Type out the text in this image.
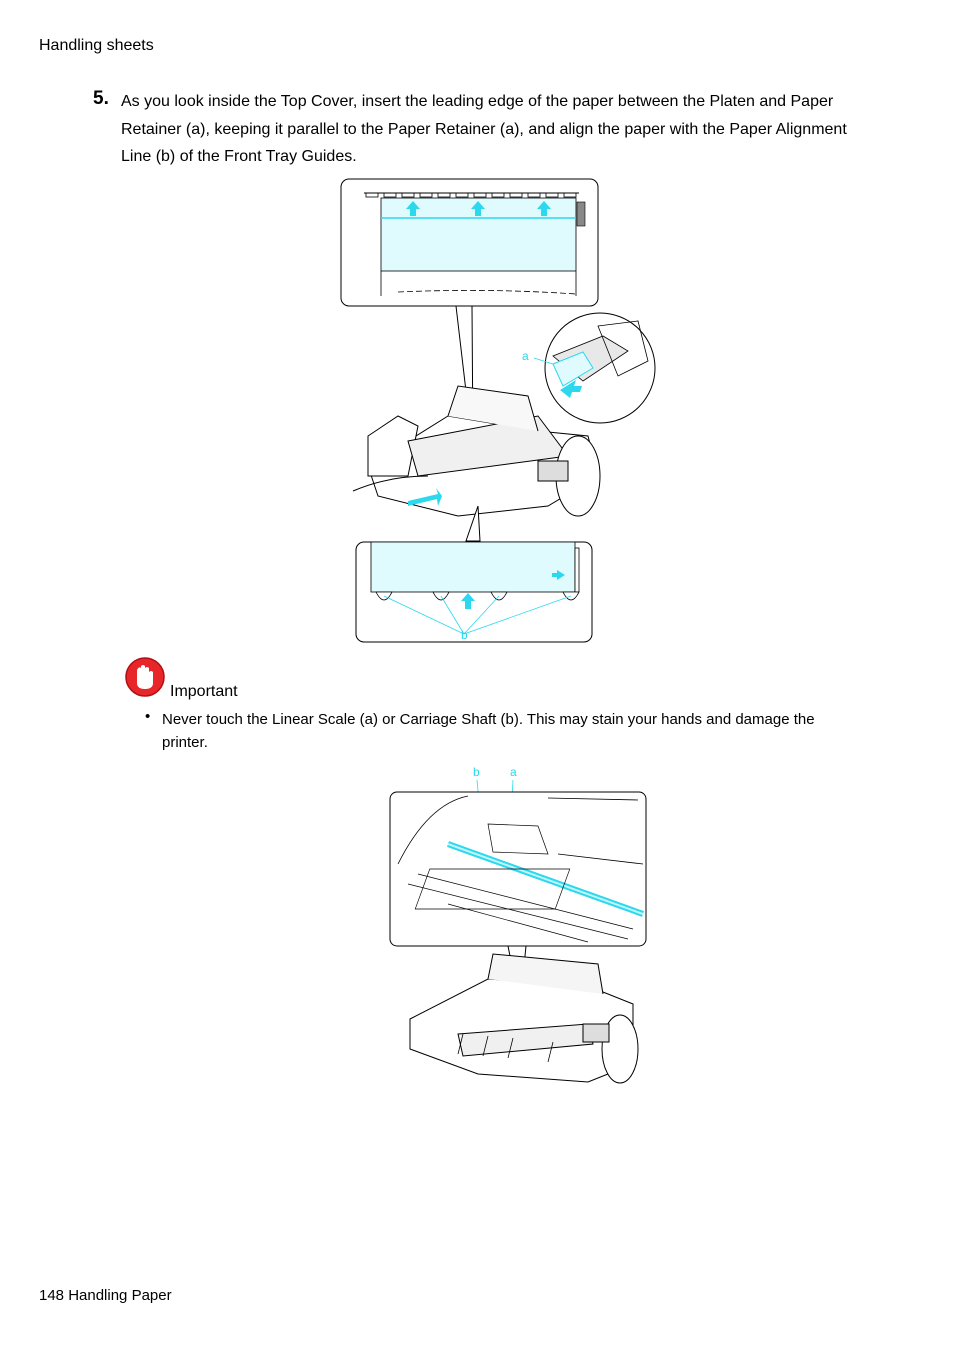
Handling sheets
5. As you look inside the Top Cover, insert the leading edge of the paper between the Platen and Paper Retainer (a), keeping it parallel to the Paper Retainer (a), and align the paper with the Paper Alignment Line (b) of the Front Tray Guides.
a
b
Important
• Never touch the Linear Scale (a) or Carriage Shaft (b). This may stain your hands and damage the printer.
b	a
148 Handling Paper
